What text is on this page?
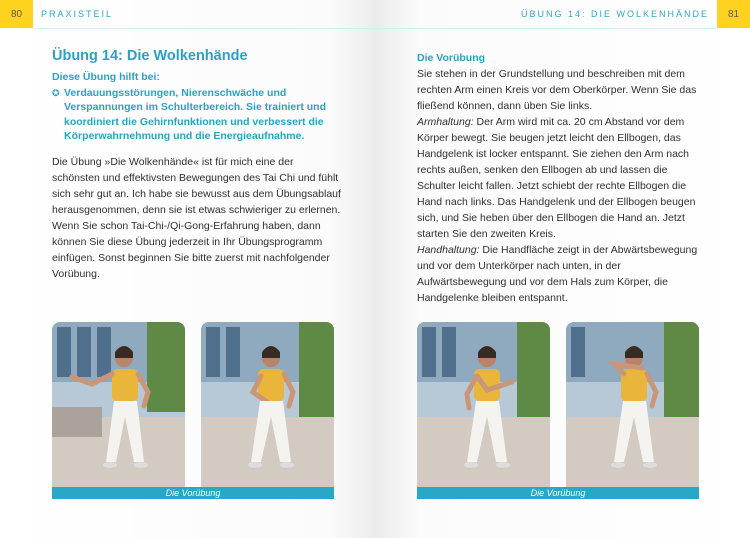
80	PRAXISTEIL
Übung 14: Die Wolkenhände
Diese Übung hilft bei:
✪ Verdauungsstörungen, Nierenschwäche und Verspannungen im Schulterbereich. Sie trainiert und koordiniert die Gehirnfunktionen und verbessert die Körperwahrnehmung und die Energieaufnahme.

Die Übung »Die Wolkenhände« ist für mich eine der schönsten und effektivsten Bewegungen des Tai Chi und fühlt sich sehr gut an. Ich habe sie bewusst aus dem Übungsablauf herausgenommen, denn sie ist etwas schwieriger zu erlernen.

Wenn Sie schon Tai-Chi-/Qi-Gong-Erfahrung haben, dann können Sie diese Übung jederzeit in Ihr Übungsprogramm einfügen. Sonst beginnen Sie bitte zuerst mit nachfolgender Vorübung.

Die Vorübung
ÜBUNG 14: DIE WOLKENHÄNDE	81
Die Vorübung

Sie stehen in der Grundstellung und beschreiben mit dem rechten Arm einen Kreis vor dem Oberkörper. Wenn Sie das fließend können, dann üben Sie links.

Armhaltung: Der Arm wird mit ca. 20 cm Abstand vor dem Körper bewegt. Sie beugen jetzt leicht den Ellbogen, das Handgelenk ist locker entspannt. Sie ziehen den Arm nach rechts außen, senken den Ellbogen ab und lassen die Schulter leicht fallen. Jetzt schiebt der rechte Ellbogen die Hand nach links. Das Handgelenk und der Ellbogen beugen sich, und Sie heben über den Ellbogen die Hand an. Jetzt starten Sie den zweiten Kreis.

Handhaltung: Die Handfläche zeigt in der Abwärtsbewegung und vor dem Unterkörper nach unten, in der Aufwärtsbewegung und vor dem Hals zum Körper, die Handgelenke bleiben entspannt.

Die Vorübung
